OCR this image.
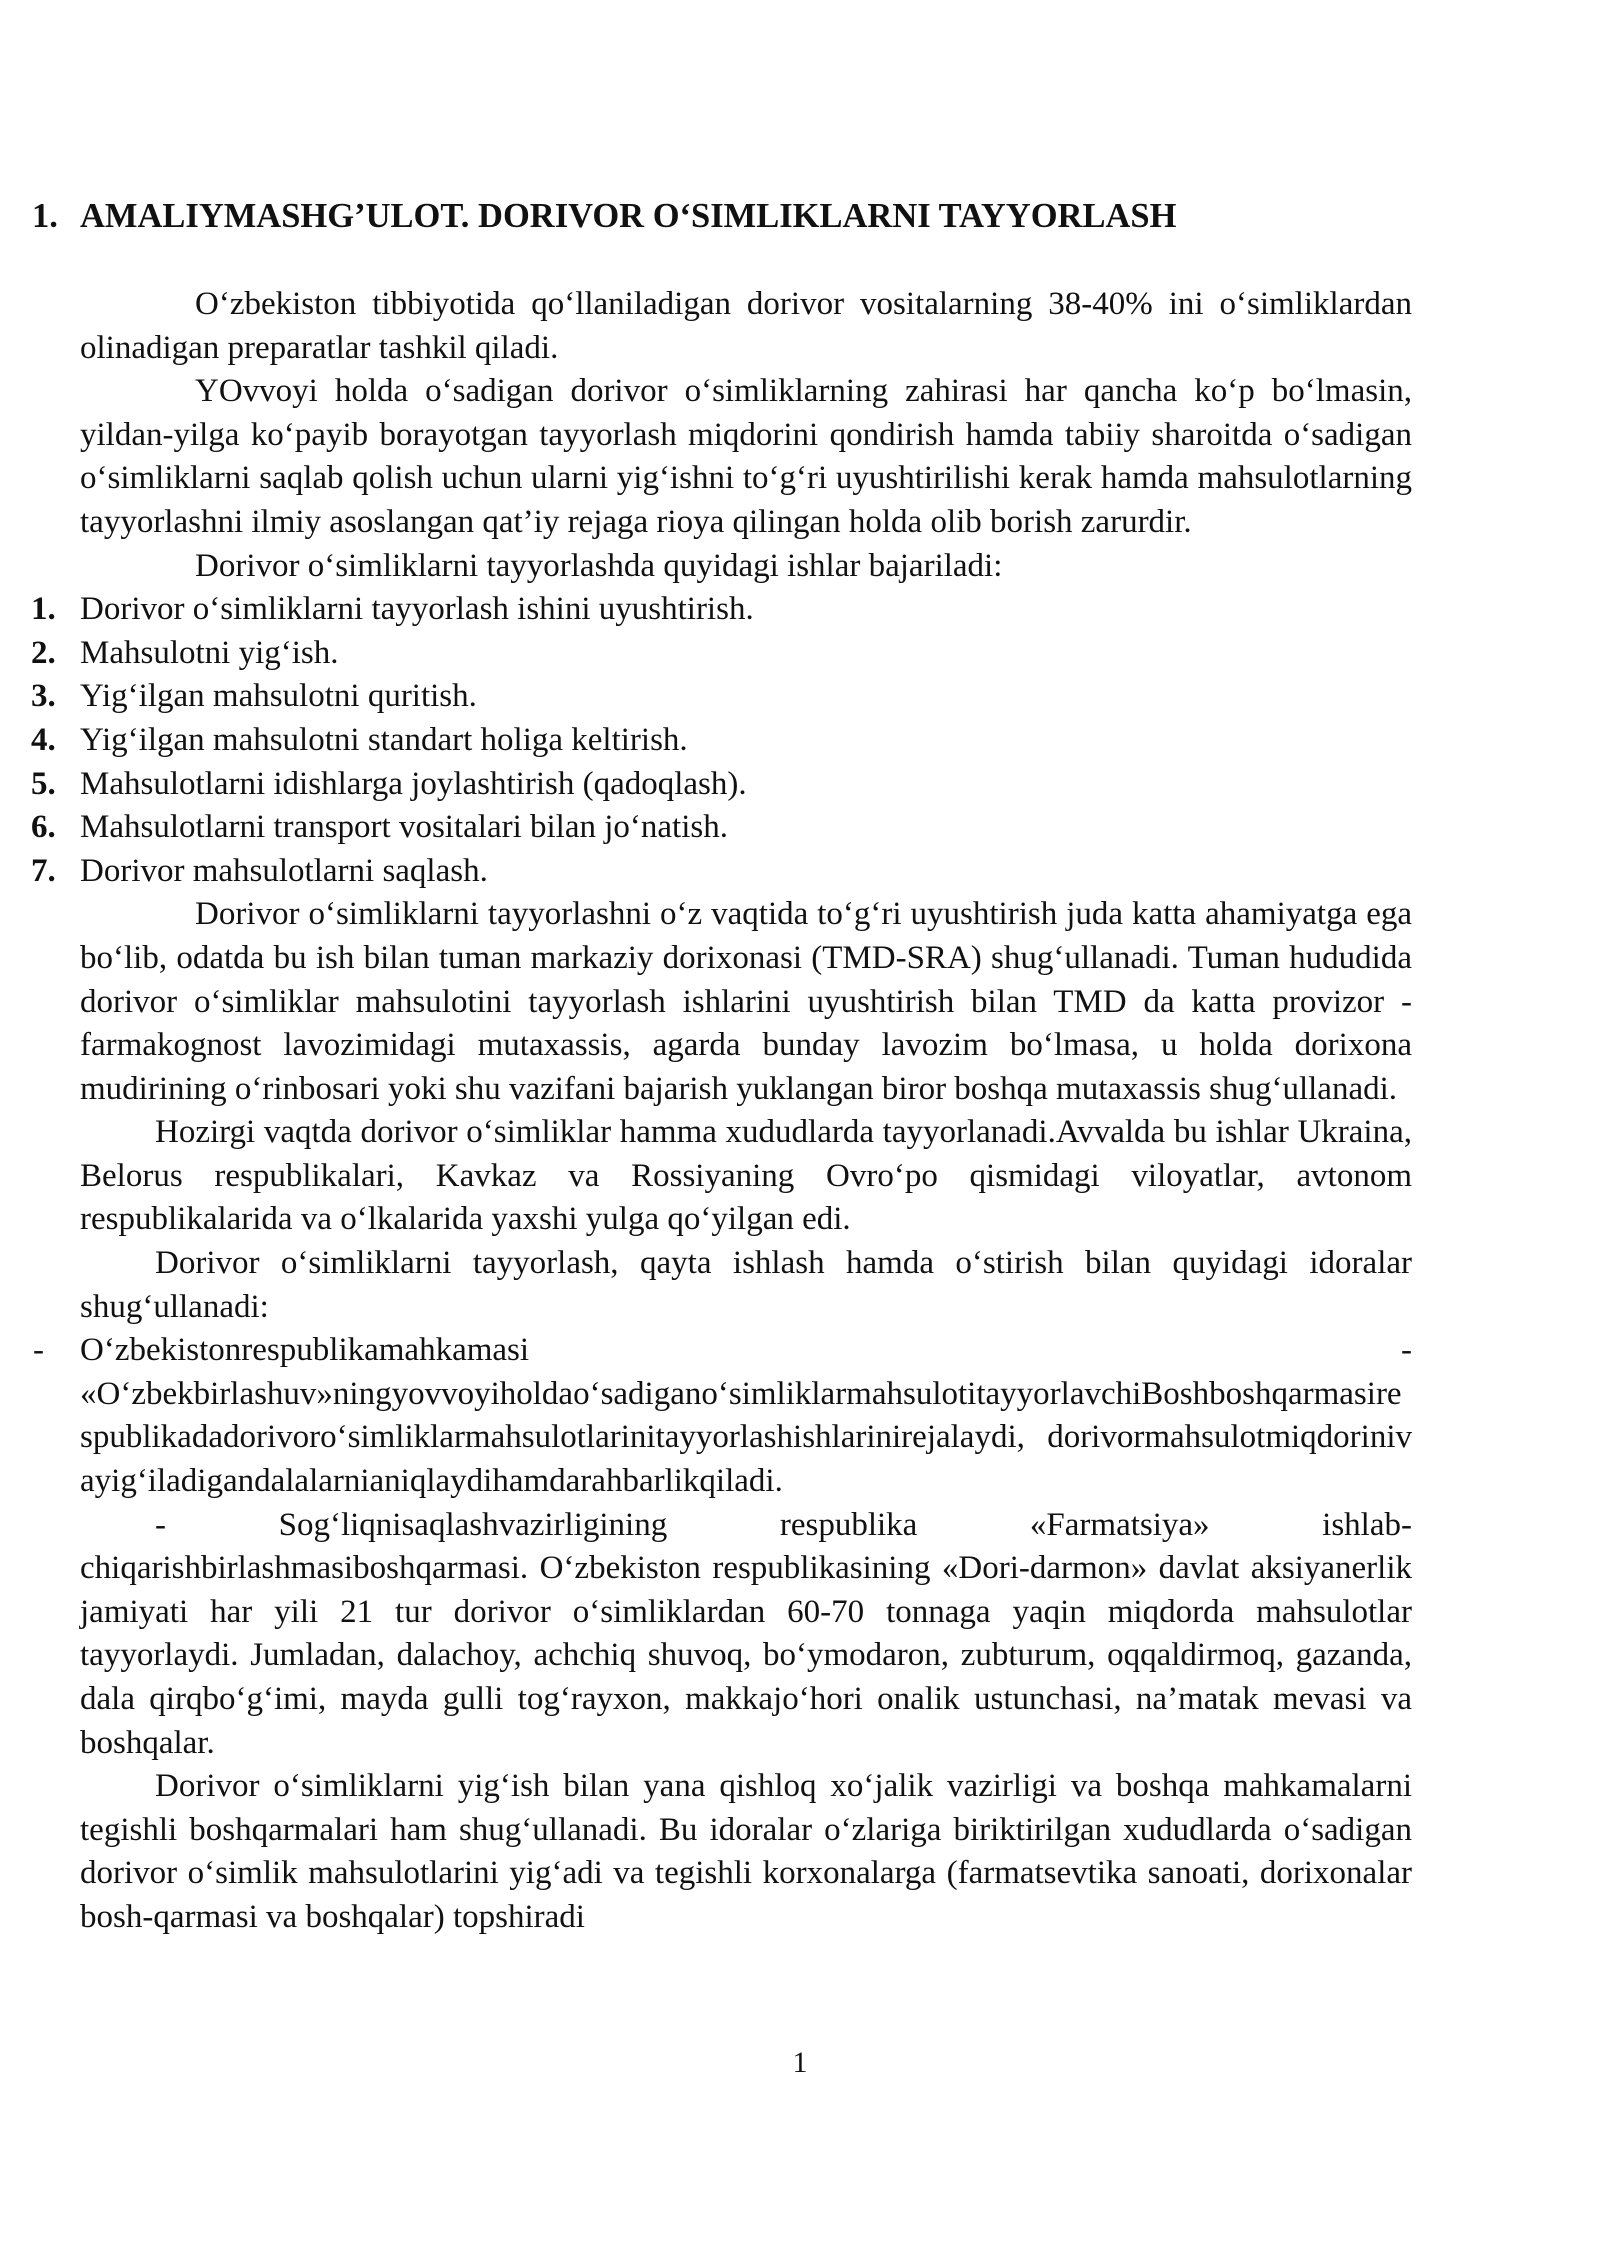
1. AMALIYMASHG’ULOT. DORIVOR O‘SIMLIKLARNI TAYYORLASH

O‘zbekiston tibbiyotida qo‘llaniladigan dorivor vositalarning 38-40% ini o‘simliklardan olinadigan preparatlar tashkil qiladi.

YOvvoyi holda o‘sadigan dorivor o‘simliklarning zahirasi har qancha ko‘p bo‘lmasin, yildan-yilga ko‘payib borayotgan tayyorlash miqdorini qondirish hamda tabiiy sharoitda o‘sadigan o‘simliklarni saqlab qolish uchun ularni yig‘ishni to‘g‘ri uyushtirilishi kerak hamda mahsulotlarning tayyorlashni ilmiy asoslangan qat’iy rejaga rioya qilingan holda olib borish zarurdir.

Dorivor o‘simliklarni tayyorlashda quyidagi ishlar bajariladi:

1. Dorivor o‘simliklarni tayyorlash ishini uyushtirish.

2. Mahsulotni yig‘ish.

3. Yig‘ilgan mahsulotni quritish.

4. Yig‘ilgan mahsulotni standart holiga keltirish.

5. Mahsulotlarni idishlarga joylashtirish (qadoqlash).

6. Mahsulotlarni transport vositalari bilan jo‘natish.

7. Dorivor mahsulotlarni saqlash.

Dorivor o‘simliklarni tayyorlashni o‘z vaqtida to‘g‘ri uyushtirish juda katta ahamiyatga ega bo‘lib, odatda bu ish bilan tuman markaziy dorixonasi (TMD-SRA) shug‘ullanadi. Tuman hududida dorivor o‘simliklar mahsulotini tayyorlash ishlarini uyushtirish bilan TMD da katta provizor - farmakognost lavozimidagi mutaxassis, agarda bunday lavozim bo‘lmasa, u holda dorixona mudirining o‘rinbosari yoki shu vazifani bajarish yuklangan biror boshqa mutaxassis shug‘ullanadi.

Hozirgi vaqtda dorivor o‘simliklar hamma xududlarda tayyorlanadi.Avvalda bu ishlar Ukraina, Belorus respublikalari, Kavkaz va Rossiyaning Ovro‘po qismidagi viloyatlar, avtonom respublikalarida va o‘lkalarida yaxshi yulga qo‘yilgan edi.

Dorivor o‘simliklarni tayyorlash, qayta ishlash hamda o‘stirish bilan quyidagi idoralar shug‘ullanadi:

- O‘zbekistonrespublikamahkamasi	-
«O‘zbekbirlashuv»ningyovvoyiholdao‘sadigano‘simliklarmahsulotitayyorlavchiBoshboshqarmasirespublikadadorivoro‘simliklarmahsulotlarinitayyorlashishlarinirejalaydi, dorivormahsulotmiqdorinivayig‘iladigandalalarnianiqlaydihamdarahbarlikqiladi.

- Sog‘liqnisaqlashvazirligining respublika «Farmatsiya» ishlab-chiqarishbirlashmasiboshqarmasi. O‘zbekiston respublikasining «Dori-darmon» davlat aksiyanerlik jamiyati har yili 21 tur dorivor o‘simliklardan 60-70 tonnaga yaqin miqdorda mahsulotlar tayyorlaydi. Jumladan, dalachoy, achchiq shuvoq, bo‘ymodaron, zubturum, oqqaldirmoq, gazanda, dala qirqbo‘g‘imi, mayda gulli tog‘rayxon, makkajo‘hori onalik ustunchasi, na’matak mevasi va boshqalar.

Dorivor o‘simliklarni yig‘ish bilan yana qishloq xo‘jalik vazirligi va boshqa mahkamalarni tegishli boshqarmalari ham shug‘ullanadi. Bu idoralar o‘zlariga biriktirilgan xududlarda o‘sadigan dorivor o‘simlik mahsulotlarini yig‘adi va tegishli korxonalarga (farmatsevtika sanoati, dorixonalar bosh-qarmasi va boshqalar) topshiradi

1
